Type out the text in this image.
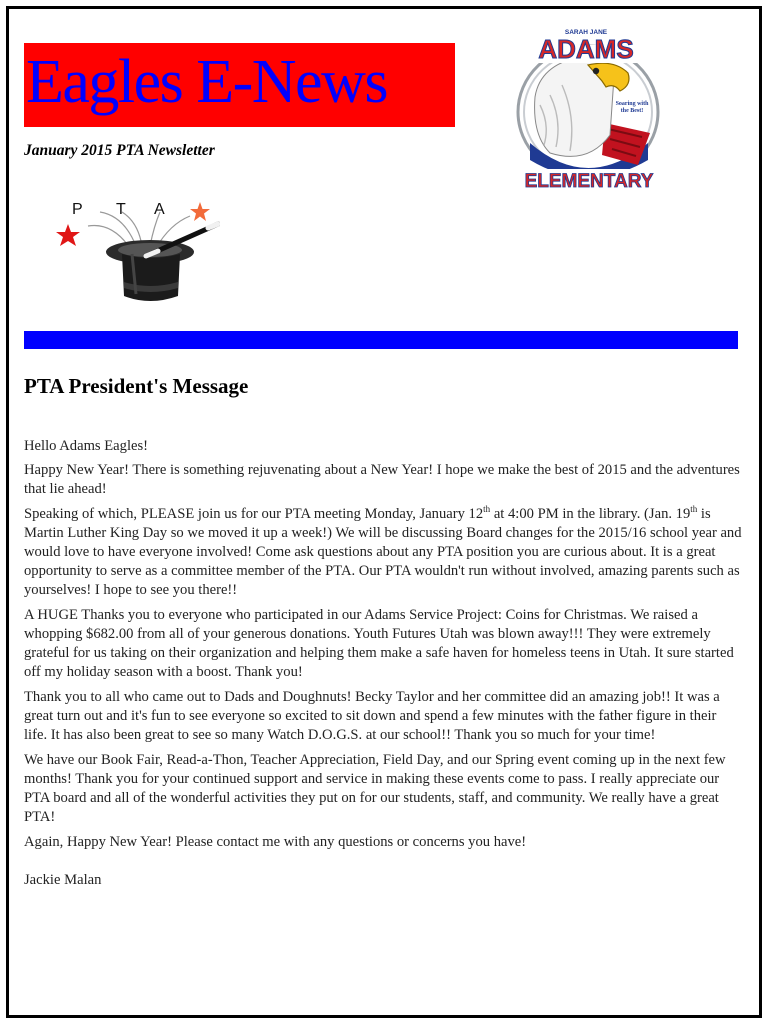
Eagles E-News
January 2015 PTA Newsletter
SARAH JANE
ADAMS
Soaring with
the Best!
ELEMENTARY
P T A
PTA President's Message

Hello Adams Eagles!

Happy New Year! There is something rejuvenating about a New Year! I hope we make the best of 2015 and the adventures that lie ahead!

Speaking of which, PLEASE join us for our PTA meeting Monday, January 12th at 4:00 PM in the library. (Jan. 19th is Martin Luther King Day so we moved it up a week!) We will be discussing Board changes for the 2015/16 school year and would love to have everyone involved! Come ask questions about any PTA position you are curious about. It is a great opportunity to serve as a committee member of the PTA. Our PTA wouldn't run without involved, amazing parents such as yourselves! I hope to see you there!!

A HUGE Thanks you to everyone who participated in our Adams Service Project: Coins for Christmas. We raised a whopping $682.00 from all of your generous donations. Youth Futures Utah was blown away!!! They were extremely grateful for us taking on their organization and helping them make a safe haven for homeless teens in Utah. It sure started off my holiday season with a boost. Thank you!

Thank you to all who came out to Dads and Doughnuts! Becky Taylor and her committee did an amazing job!! It was a great turn out and it's fun to see everyone so excited to sit down and spend a few minutes with the father figure in their life. It has also been great to see so many Watch D.O.G.S. at our school!! Thank you so much for your time!

We have our Book Fair, Read-a-Thon, Teacher Appreciation, Field Day, and our Spring event coming up in the next few months! Thank you for your continued support and service in making these events come to pass. I really appreciate our PTA board and all of the wonderful activities they put on for our students, staff, and community. We really have a great PTA!

Again, Happy New Year! Please contact me with any questions or concerns you have!

Jackie Malan
